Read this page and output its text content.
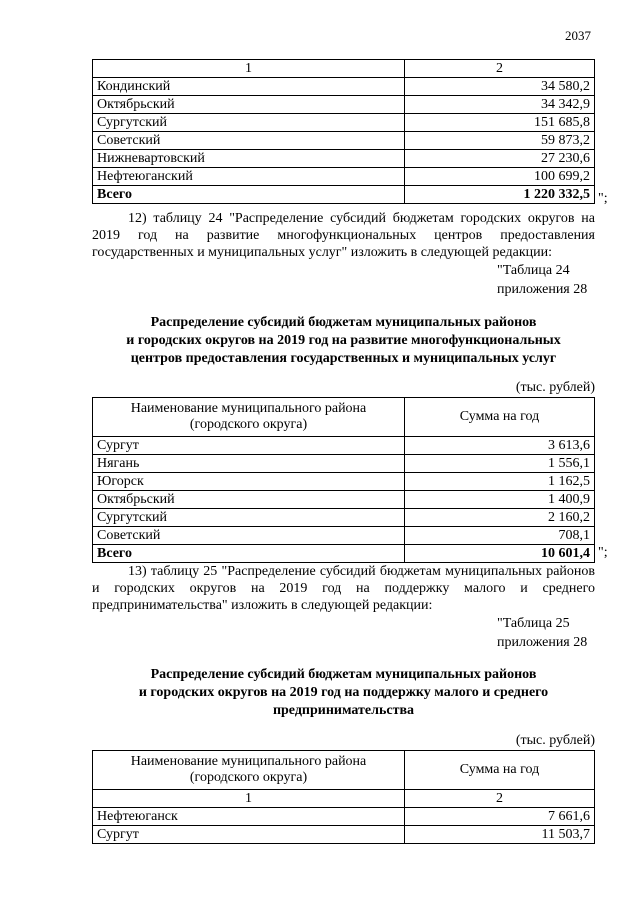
2037
1	2
Кондинский	34 580,2
Октябрьский	34 342,9
Сургутский	151 685,8
Советский	59 873,2
Нижневартовский	27 230,6
Нефтеюганский	100 699,2
Всего	1 220 332,5 ";
12) таблицу 24 "Распределение субсидий бюджетам городских округов на 2019 год на развитие многофункциональных центров предоставления государственных и муниципальных услуг" изложить в следующей редакции:
"Таблица 24
приложения 28
Распределение субсидий бюджетам муниципальных районов
и городских округов на 2019 год на развитие многофункциональных
центров предоставления государственных и муниципальных услуг
(тыс. рублей)
Наименование муниципального района
(городского округа)	Сумма на год
Сургут	3 613,6
Нягань	1 556,1
Югорск	1 162,5
Октябрьский	1 400,9
Сургутский	2 160,2
Советский	708,1
Всего	10 601,4 ";
13) таблицу 25 "Распределение субсидий бюджетам муниципальных районов и городских округов на 2019 год на поддержку малого и среднего предпринимательства" изложить в следующей редакции:
"Таблица 25
приложения 28
Распределение субсидий бюджетам муниципальных районов
и городских округов на 2019 год на поддержку малого и среднего
предпринимательства
(тыс. рублей)
Наименование муниципального района
(городского округа)	Сумма на год
1	2
Нефтеюганск	7 661,6
Сургут	11 503,7
